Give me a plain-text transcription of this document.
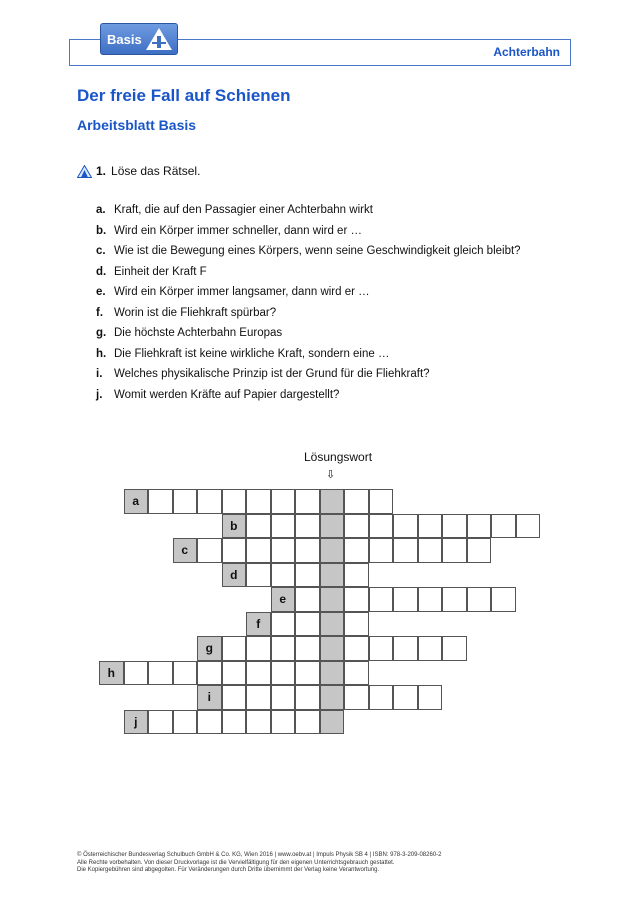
Achterbahn
Basis
Der freie Fall auf Schienen
Arbeitsblatt Basis
1. Löse das Rätsel.
a. Kraft, die auf den Passagier einer Achterbahn wirkt
b. Wird ein Körper immer schneller, dann wird er …
c. Wie ist die Bewegung eines Körpers, wenn seine Geschwindigkeit gleich bleibt?
d. Einheit der Kraft F
e. Wird ein Körper immer langsamer, dann wird er …
f. Worin ist die Fliehkraft spürbar?
g. Die höchste Achterbahn Europas
h. Die Fliehkraft ist keine wirkliche Kraft, sondern eine …
i.	Welches physikalische Prinzip ist der Grund für die Fliehkraft?
j.	Womit werden Kräfte auf Papier dargestellt?
Lösungswort
⇩
a
b
c
d
e
f
g
h
i
j
© Österreichischer Bundesverlag Schulbuch GmbH & Co. KG, Wien 2016 | www.oebv.at | Impuls Physik SB 4 | ISBN: 978-3-209-08260-2
Alle Rechte vorbehalten. Von dieser Druckvorlage ist die Vervielfältigung für den eigenen Unterrichtsgebrauch gestattet.
Die Kopiergebühren sind abgegolten. Für Veränderungen durch Dritte übernimmt der Verlag keine Verantwortung.
